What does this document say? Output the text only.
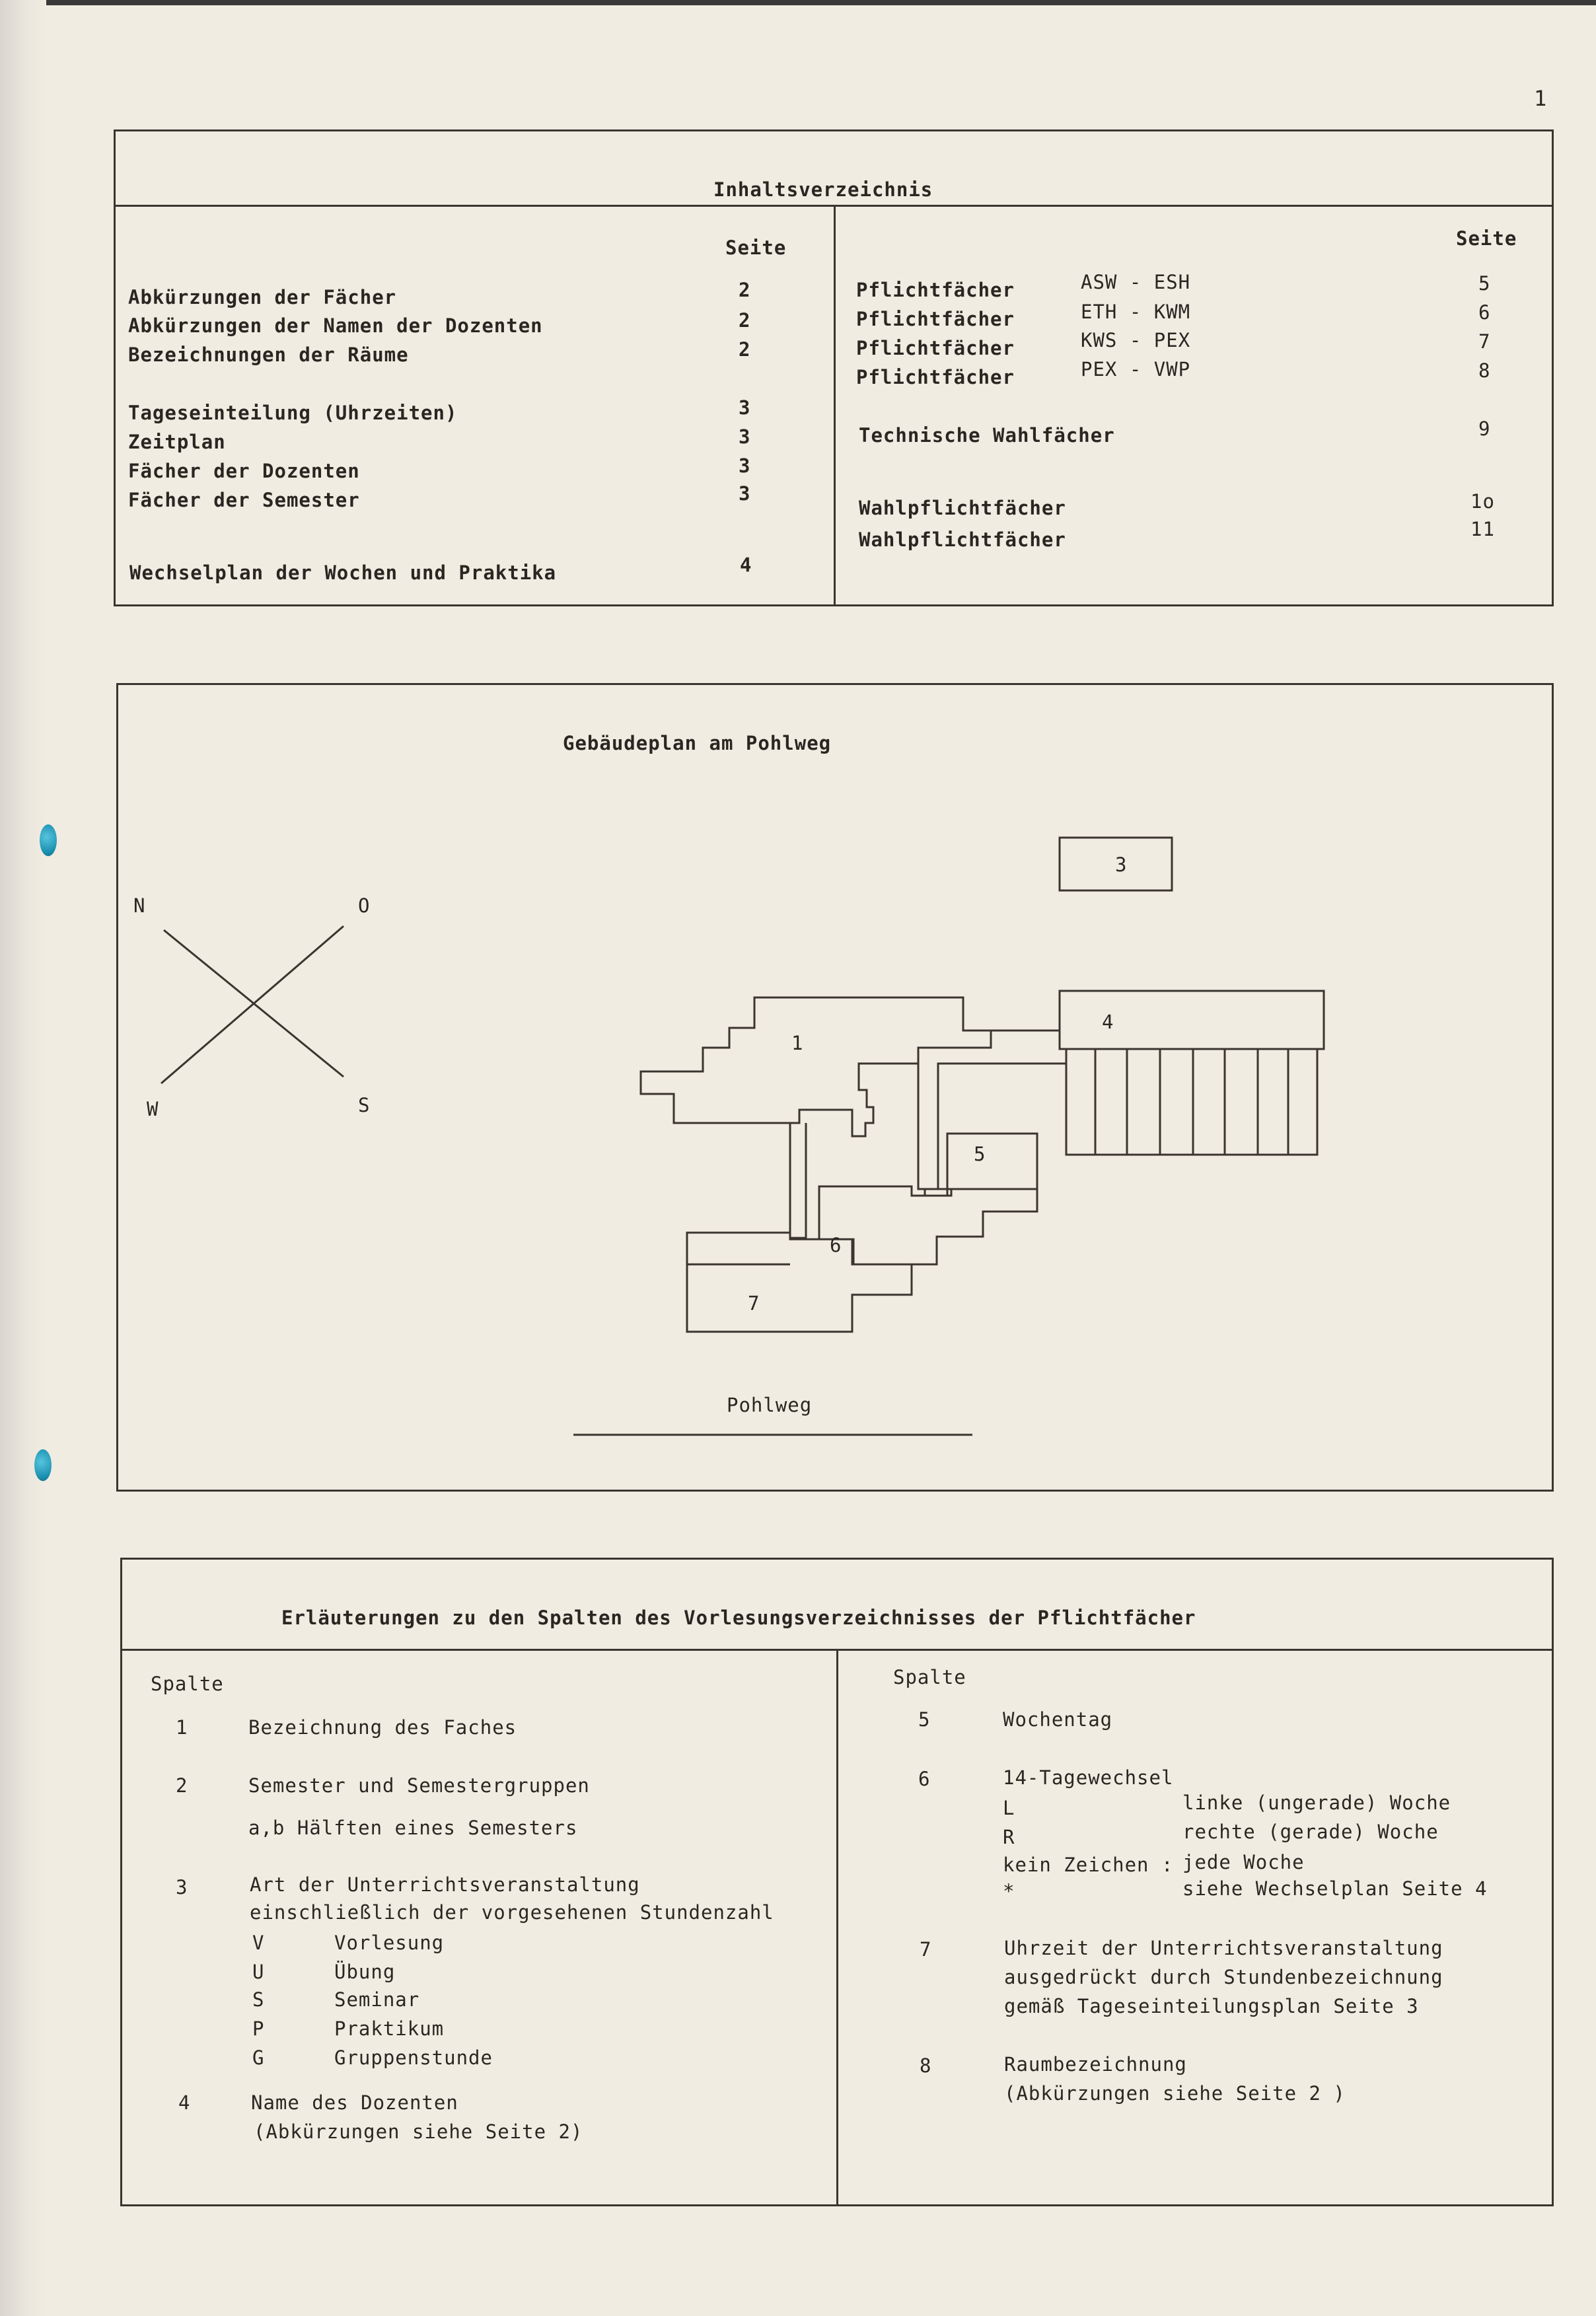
1
Inhaltsverzeichnis
Seite	Seite
Abkürzungen der Fächer	2
Abkürzungen der Namen der Dozenten	2
Bezeichnungen der Räume	2
Tageseinteilung (Uhrzeiten)	3
Zeitplan	3
Fächer der Dozenten	3
Fächer der Semester	3
Wechselplan der Wochen und Praktika	4
Pflichtfächer	ASW - ESH	5
Pflichtfächer	ETH - KWM	6
Pflichtfächer	KWS - PEX	7
Pflichtfächer	PEX - VWP	8
Technische Wahlfächer	9
Wahlpflichtfächer	1o
Wahlpflichtfächer	11
Gebäudeplan am Pohlweg
N	O
W	S
3
4
1
5
6
7
Pohlweg
Erläuterungen zu den Spalten des Vorlesungsverzeichnisses der Pflichtfächer
Spalte	Spalte
1	Bezeichnung des Faches
2	Semester und Semestergruppen
a,b Hälften eines Semesters
3	Art der Unterrichtsveranstaltung
einschließlich der vorgesehenen Stundenzahl
V	Vorlesung
U	Übung
S	Seminar
P	Praktikum
G	Gruppenstunde
4	Name des Dozenten
(Abkürzungen siehe Seite 2)
5	Wochentag
6	14-Tagewechsel
L	linke (ungerade) Woche
R	rechte (gerade) Woche
kein Zeichen : jede Woche
*	siehe Wechselplan Seite 4
7	Uhrzeit der Unterrichtsveranstaltung
ausgedrückt durch Stundenbezeichnung
gemäß Tageseinteilungsplan Seite 3
8	Raumbezeichnung
(Abkürzungen siehe Seite 2 )
